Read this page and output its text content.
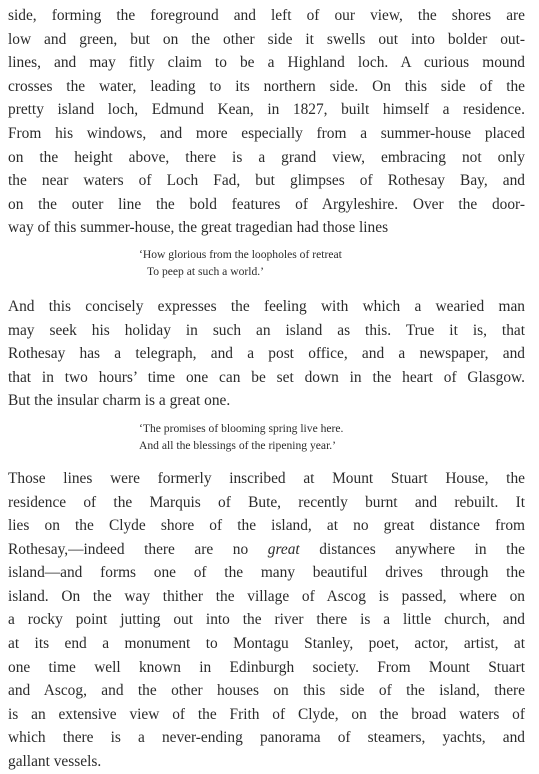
side, forming the foreground and left of our view, the shores are
low and green, but on the other side it swells out into bolder out-
lines, and may fitly claim to be a Highland loch. A curious mound
crosses the water, leading to its northern side. On this side of the
pretty island loch, Edmund Kean, in 1827, built himself a residence.
From his windows, and more especially from a summer-house placed
on the height above, there is a grand view, embracing not only
the near waters of Loch Fad, but glimpses of Rothesay Bay, and
on the outer line the bold features of Argyleshire. Over the door-
way of this summer-house, the great tragedian had those lines

‘How glorious from the loopholes of retreat
To peep at such a world.’

And this concisely expresses the feeling with which a wearied man
may seek his holiday in such an island as this. True it is, that
Rothesay has a telegraph, and a post office, and a newspaper, and
that in two hours’ time one can be set down in the heart of Glasgow.
But the insular charm is a great one.

‘The promises of blooming spring live here.
And all the blessings of the ripening year.’

Those lines were formerly inscribed at Mount Stuart House, the
residence of the Marquis of Bute, recently burnt and rebuilt. It
lies on the Clyde shore of the island, at no great distance from
Rothesay,—indeed there are no great distances anywhere in the
island—and forms one of the many beautiful drives through the
island. On the way thither the village of Ascog is passed, where on
a rocky point jutting out into the river there is a little church, and
at its end a monument to Montagu Stanley, poet, actor, artist, at
one time well known in Edinburgh society. From Mount Stuart
and Ascog, and the other houses on this side of the island, there
is an extensive view of the Frith of Clyde, on the broad waters of
which there is a never-ending panorama of steamers, yachts, and
gallant vessels.
